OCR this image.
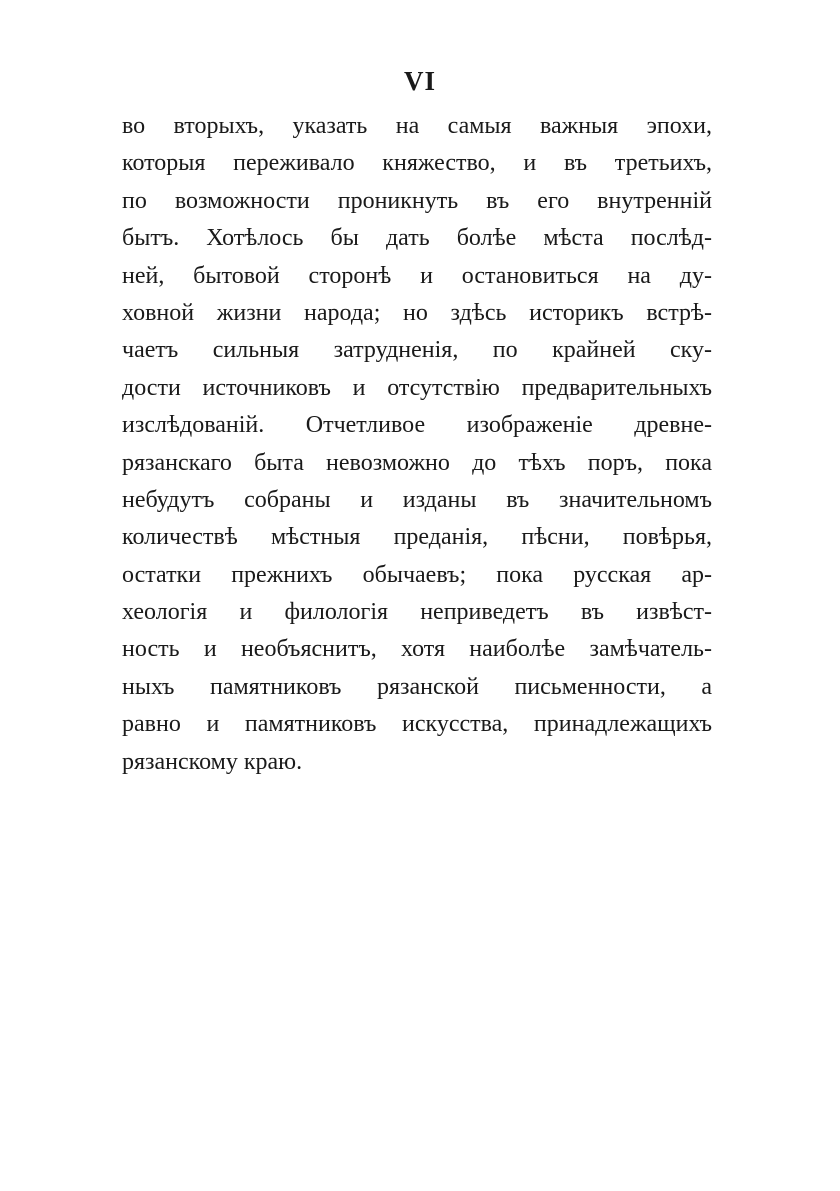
VI
во вторыхъ, указать на самыя важныя эпохи,
которыя переживало княжество, и въ третьихъ,
по возможности проникнуть въ его внутренній
бытъ. Хотѣлось бы дать болѣе мѣста послѣд-
ней, бытовой сторонѣ и остановиться на ду-
ховной жизни народа; но здѣсь историкъ встрѣ-
чаетъ сильныя затрудненія, по крайней ску-
дости источниковъ и отсутствію предварительныхъ
изслѣдованій. Отчетливое изображеніе древне-
рязанскаго быта невозможно до тѣхъ поръ, пока
небудутъ собраны и изданы въ значительномъ
количествѣ мѣстныя преданія, пѣсни, повѣрья,
остатки прежнихъ обычаевъ; пока русская ар-
хеологія и филологія неприведетъ въ извѣст-
ность и необъяснитъ, хотя наиболѣе замѣчатель-
ныхъ памятниковъ рязанской письменности, а
равно и памятниковъ искусства, принадлежащихъ
рязанскому краю.
